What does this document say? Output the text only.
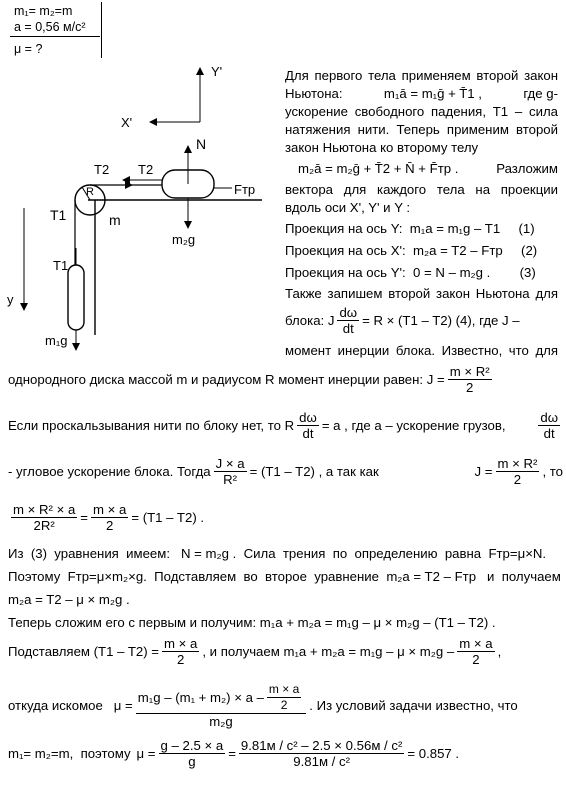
m₁= m₂=m
a = 0,56 м/с²
μ = ?
Y'
X'
R
m
N
T2
T2
Fтр
m₂g
T1
T1
m₁g
y
Для первого тела применяем второй закон
Ньютона:	m₁ā = m₁ḡ + T̄1 ,	где g-
ускорение свободного падения, T1 – сила
натяжения нити. Теперь применим второй
закон Ньютона ко второму телу
m₂ā = m₂ḡ + T̄2 + N̄ + F̄тр .	Разложим
вектора для каждого тела на проекции
вдоль оси X', Y' и Y :
Проекция на ось Y:  m₁a = m₁g – T1     (1)
Проекция на ось X':  m₂a = T2 – Fтр     (2)
Проекция на ось Y':  0 = N – m₂g .        (3)
Также запишем второй закон Ньютона для
блока: J $\frac{d\omega}{dt} = R \times (T1 - T2)$ (4), где J –
момент инерции блока. Известно, что для
однородного диска массой m и радиусом R момент инерции равен: $J = \frac{\text{m × R²}}{2}$
Если проскальзывания нити по блоку нет, то R $\frac{d\omega}{dt} = a$ , где a – ускорение грузов, $\frac{d\omega}{dt}$
- угловое ускорение блока. Тогда $\frac{J \times a}{\text{R²}} = (T1 - T2)$ , а так как	$J = \frac{\text{m × R²}}{2}$ , то
$\frac{\text{m × R² × a}}{\text{2R²}} = \frac{m \times a}{2} = (T1 - T2)$ .
Из  (3)  уравнения  имеем:   N = m₂g .  Сила  трения  по  определению  равна  Fтр=μ×N.
Поэтому  Fтр=μ×m₂×g.  Подставляем  во  второе  уравнение  m₂a = T2 – Fтр   и  получаем
m₂a = T2 – μ × m₂g .
Теперь сложим его с первым и получим: m₁a + m₂a = m₁g – μ × m₂g – (T1 – T2) .
Подставляем $(T1 - T2) = \frac{m \times a}{2}$ , и получаем $m_1a + m_2a = m_1g - \mu \times m_2g - \frac{m \times a}{2}$ ,
откуда искомое   $\mu = \frac{m_1g - (m_1 + m_2) \times a - \frac{m \times a}{2}}{\text{m₂g}}$ . Из условий задачи известно, что
m₁= m₂=m,  поэтому $\mu = \frac{g - 2.5 \times a}{g} = \frac{\text{9.81м / с² – 2.5 × 0.56м / с²}}{\text{9.81м / с²}} = 0.857$ .
